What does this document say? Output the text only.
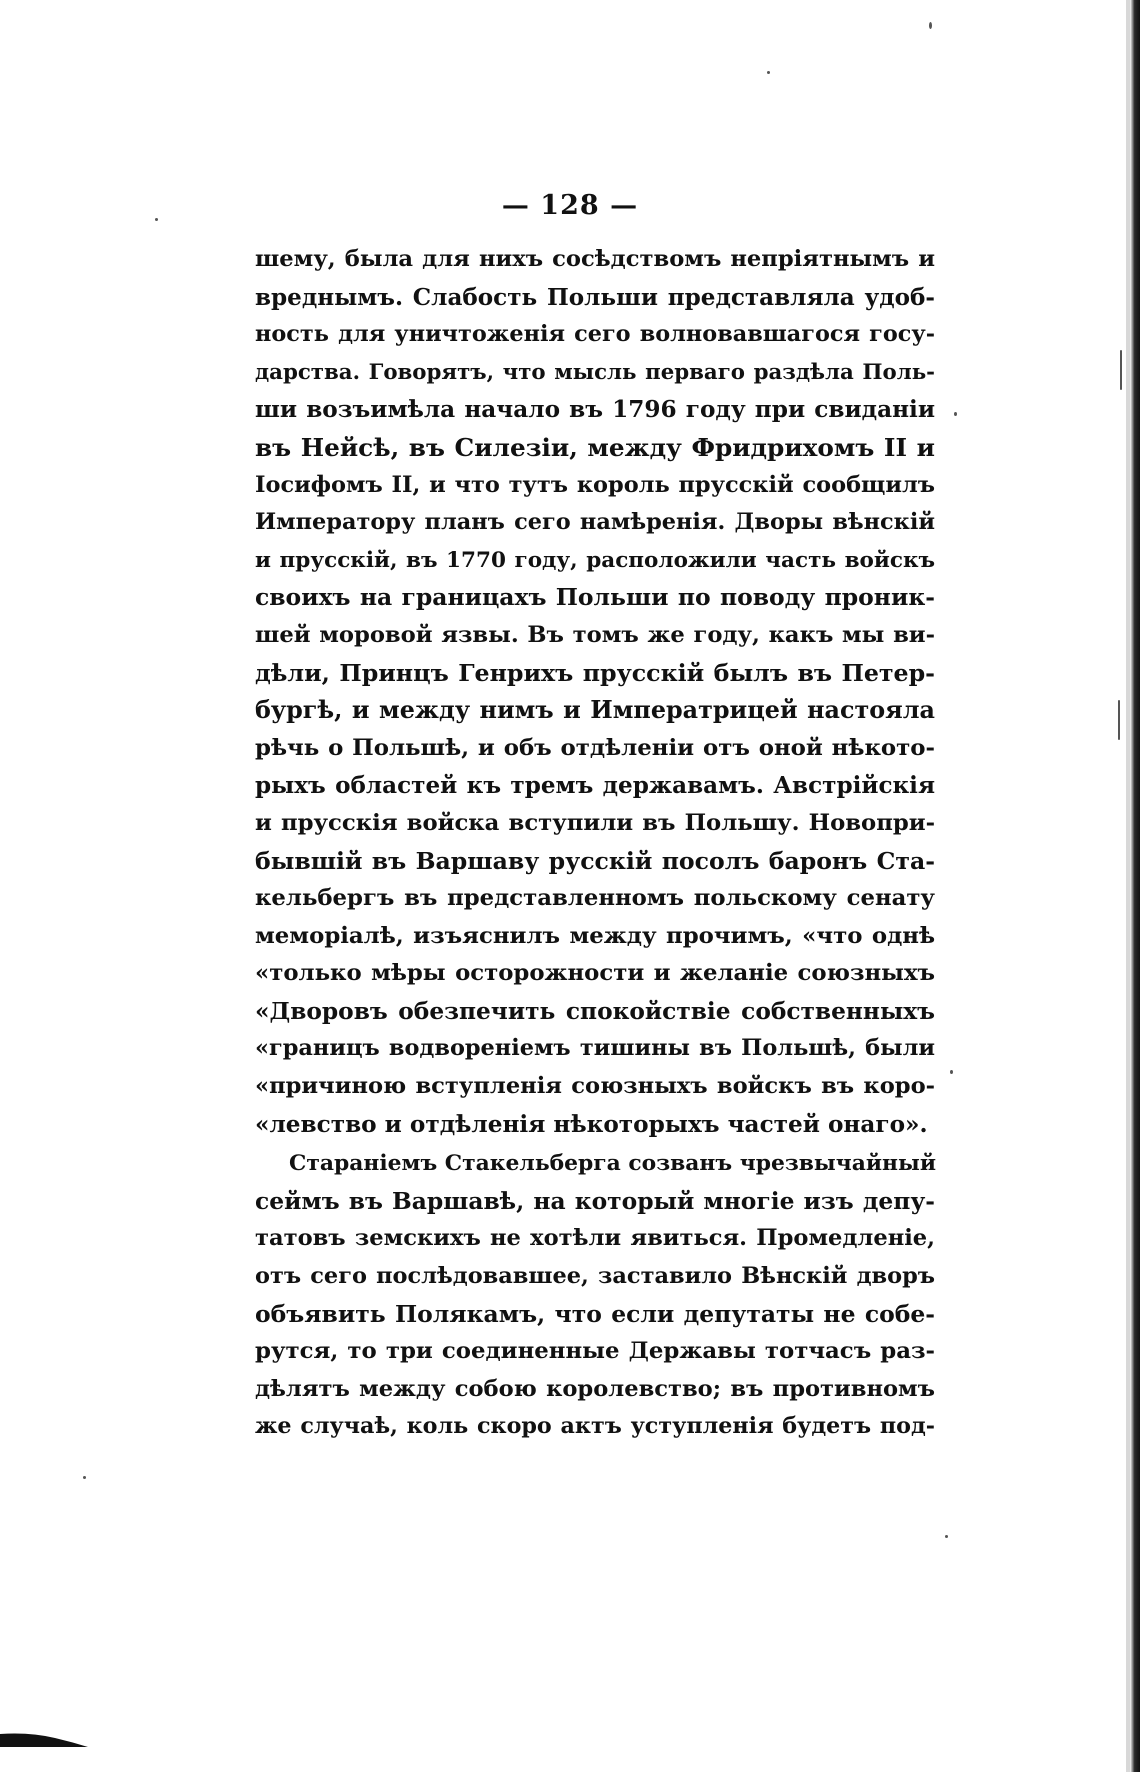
— 128 —
шему, была для нихъ сосѣдствомъ непріятнымъ и
вреднымъ. Слабость Польши представляла удоб-
ность для уничтоженія сего волновавшагося госу-
дарства. Говорятъ, что мысль перваго раздѣла Поль-
ши возъимѣла начало въ 1796 году при свиданіи
въ Нейсѣ, въ Силезіи, между Фридрихомъ II и
Іосифомъ II, и что тутъ король прусскій сообщилъ
Императору планъ сего намѣренія. Дворы вѣнскій
и прусскій, въ 1770 году, расположили часть войскъ
своихъ на границахъ Польши по поводу проник-
шей моровой язвы. Въ томъ же году, какъ мы ви-
дѣли, Принцъ Генрихъ прусскій былъ въ Петер-
бургѣ, и между нимъ и Императрицей настояла
рѣчь о Польшѣ, и объ отдѣленіи отъ оной нѣкото-
рыхъ областей къ тремъ державамъ. Австрійскія
и прусскія войска вступили въ Польшу. Новопри-
бывшій въ Варшаву русскій посолъ баронъ Ста-
кельбергъ въ представленномъ польскому сенату
меморіалѣ, изъяснилъ между прочимъ, «что однѣ
«только мѣры осторожности и желаніе союзныхъ
«Дворовъ обезпечить спокойствіе собственныхъ
«границъ водвореніемъ тишины въ Польшѣ, были
«причиною вступленія союзныхъ войскъ въ коро-
«левство и отдѣленія нѣкоторыхъ частей онаго».
Стараніемъ Стакельберга созванъ чрезвычайный
сеймъ въ Варшавѣ, на который многіе изъ депу-
татовъ земскихъ не хотѣли явиться. Промедленіе,
отъ сего послѣдовавшее, заставило Вѣнскій дворъ
объявить Полякамъ, что если депутаты не собе-
рутся, то три соединенные Державы тотчасъ раз-
дѣлятъ между собою королевство; въ противномъ
же случаѣ, коль скоро актъ уступленія будетъ под-
